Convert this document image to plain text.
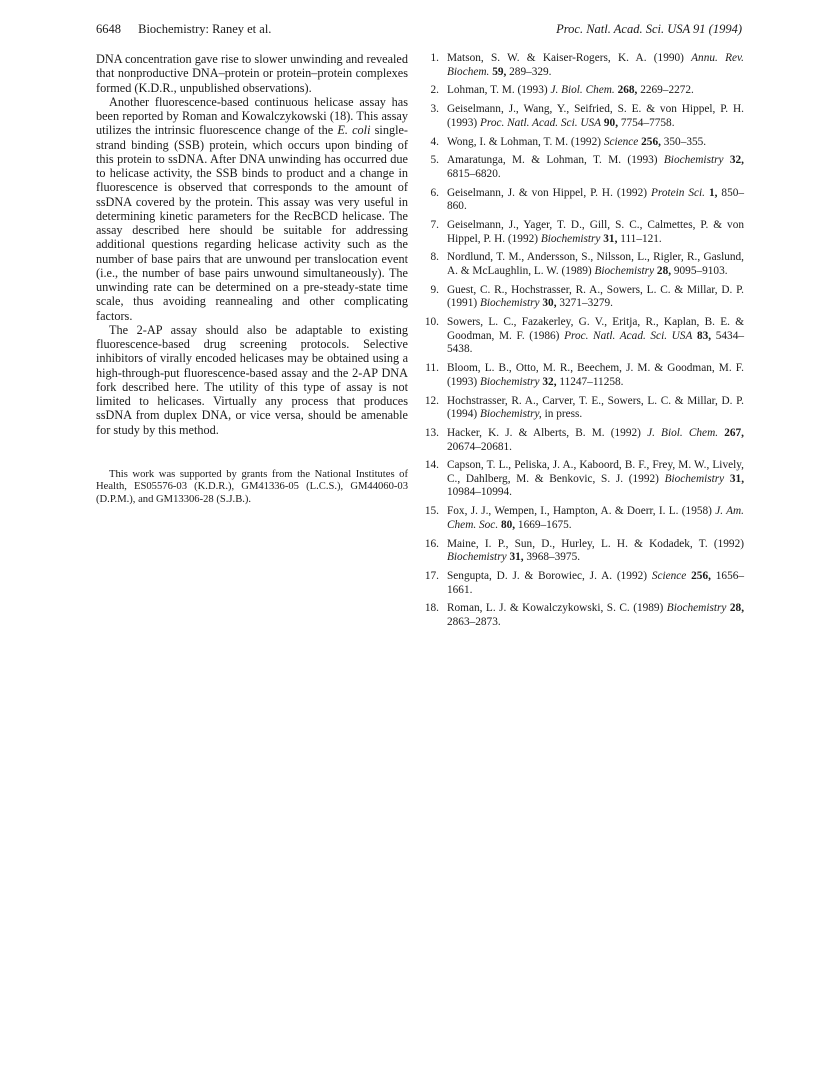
6648 Biochemistry: Raney et al.	Proc. Natl. Acad. Sci. USA 91 (1994)

DNA concentration gave rise to slower unwinding and revealed that nonproductive DNA–protein or protein–protein complexes formed (K.D.R., unpublished observations).

Another fluorescence-based continuous helicase assay has been reported by Roman and Kowalczykowski (18). This assay utilizes the intrinsic fluorescence change of the E. coli single-strand binding (SSB) protein, which occurs upon binding of this protein to ssDNA. After DNA unwinding has occurred due to helicase activity, the SSB binds to product and a change in fluorescence is observed that corresponds to the amount of ssDNA covered by the protein. This assay was very useful in determining kinetic parameters for the RecBCD helicase. The assay described here should be suitable for addressing additional questions regarding helicase activity such as the number of base pairs that are unwound per translocation event (i.e., the number of base pairs unwound simultaneously). The unwinding rate can be determined on a pre-steady-state time scale, thus avoiding reannealing and other complicating factors.

The 2-AP assay should also be adaptable to existing fluorescence-based drug screening protocols. Selective inhibitors of virally encoded helicases may be obtained using a high-through-put fluorescence-based assay and the 2-AP DNA fork described here. The utility of this type of assay is not limited to helicases. Virtually any process that produces ssDNA from duplex DNA, or vice versa, should be amenable for study by this method.

This work was supported by grants from the National Institutes of Health, ES05576-03 (K.D.R.), GM41336-05 (L.C.S.), GM44060-03 (D.P.M.), and GM13306-28 (S.J.B.).

1. Matson, S. W. & Kaiser-Rogers, K. A. (1990) Annu. Rev. Biochem. 59, 289–329.
2. Lohman, T. M. (1993) J. Biol. Chem. 268, 2269–2272.
3. Geiselmann, J., Wang, Y., Seifried, S. E. & von Hippel, P. H. (1993) Proc. Natl. Acad. Sci. USA 90, 7754–7758.
4. Wong, I. & Lohman, T. M. (1992) Science 256, 350–355.
5. Amaratunga, M. & Lohman, T. M. (1993) Biochemistry 32, 6815–6820.
6. Geiselmann, J. & von Hippel, P. H. (1992) Protein Sci. 1, 850–860.
7. Geiselmann, J., Yager, T. D., Gill, S. C., Calmettes, P. & von Hippel, P. H. (1992) Biochemistry 31, 111–121.
8. Nordlund, T. M., Andersson, S., Nilsson, L., Rigler, R., Gaslund, A. & McLaughlin, L. W. (1989) Biochemistry 28, 9095–9103.
9. Guest, C. R., Hochstrasser, R. A., Sowers, L. C. & Millar, D. P. (1991) Biochemistry 30, 3271–3279.
10. Sowers, L. C., Fazakerley, G. V., Eritja, R., Kaplan, B. E. & Goodman, M. F. (1986) Proc. Natl. Acad. Sci. USA 83, 5434–5438.
11. Bloom, L. B., Otto, M. R., Beechem, J. M. & Goodman, M. F. (1993) Biochemistry 32, 11247–11258.
12. Hochstrasser, R. A., Carver, T. E., Sowers, L. C. & Millar, D. P. (1994) Biochemistry, in press.
13. Hacker, K. J. & Alberts, B. M. (1992) J. Biol. Chem. 267, 20674–20681.
14. Capson, T. L., Peliska, J. A., Kaboord, B. F., Frey, M. W., Lively, C., Dahlberg, M. & Benkovic, S. J. (1992) Biochemistry 31, 10984–10994.
15. Fox, J. J., Wempen, I., Hampton, A. & Doerr, I. L. (1958) J. Am. Chem. Soc. 80, 1669–1675.
16. Maine, I. P., Sun, D., Hurley, L. H. & Kodadek, T. (1992) Biochemistry 31, 3968–3975.
17. Sengupta, D. J. & Borowiec, J. A. (1992) Science 256, 1656–1661.
18. Roman, L. J. & Kowalczykowski, S. C. (1989) Biochemistry 28, 2863–2873.
